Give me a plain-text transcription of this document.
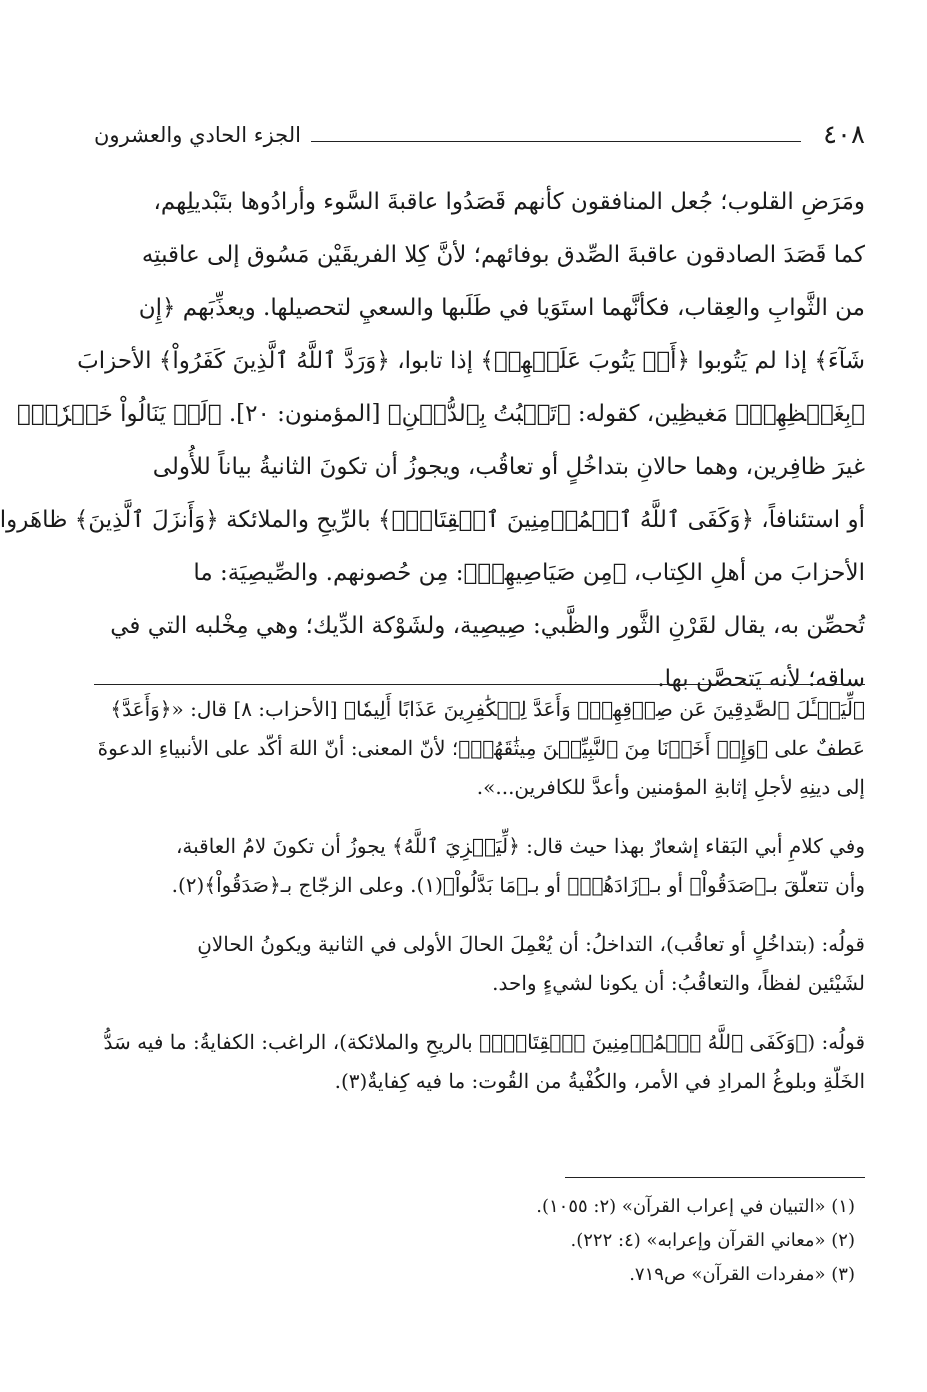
٤٠٨
الجزء الحادي والعشرون

ومَرَضِ القلوب؛ جُعل المنافقون كأنهم قَصَدُوا عاقبةَ السَّوء وأرادُوها بتَبْديلِهم،

كما قَصَدَ الصادقون عاقبةَ الصِّدق بوفائهم؛ لأنَّ كِلا الفريقَيْن مَسُوق إلى عاقبتِه

من الثَّوابِ والعِقاب، فكأنَّهما استَوَيا في طَلَبها والسعيِ لتحصيلها. ويعذِّبَهم ﴿إِن

شَآءَ﴾ إذا لم يَتُوبوا ﴿أَوۡ يَتُوبَ عَلَيۡهِمۡ﴾ إذا تابوا، ﴿وَرَدَّ ٱللَّهُ ٱلَّذِينَ كَفَرُواْ﴾ الأحزابَ

﴿بِغَيۡظِهِمۡ﴾ مَغيظِين، كقوله: ﴿تَنۢبُتُ بِٱلدُّهۡنِ﴾ [المؤمنون: ٢٠]. ﴿لَمۡ يَنَالُواْ خَيۡرٗاۚ﴾

غيرَ ظافِرين، وهما حالانِ بتداخُلٍ أو تعاقُب، ويجوزُ أن تكونَ الثانيةُ بياناً للأُولى

أو استئنافاً، ﴿وَكَفَى ٱللَّهُ ٱلۡمُؤۡمِنِينَ ٱلۡقِتَالَۚ﴾ بالرِّيحِ والملائكة ﴿وَأَنزَلَ ٱلَّذِينَ﴾ ظاهَروا

الأحزابَ من أهلِ الكِتاب، ﴿مِن صَيَاصِيهِمۡ﴾: مِن حُصونهم. والصِّيصِيَة: ما

تُحصِّن به، يقال لقَرْنِ الثَّور والظَّبي: صِيصِية، ولشَوْكة الدِّيك؛ وهي مِخْلبه التي في

ساقه؛ لأنه يَتحصَّن بها.

﴿لِّيَسۡـَٔلَ ٱلصَّٰدِقِينَ عَن صِدۡقِهِمۡۚ وَأَعَدَّ لِلۡكَٰفِرِينَ عَذَابًا أَلِيمٗا﴾ [الأحزاب: ٨] قال: «﴿وَأَعَدَّ﴾

عَطفٌ على ﴿وَإِذۡ أَخَذۡنَا مِنَ ٱلنَّبِيِّـۧنَ مِيثَٰقَهُمۡ﴾؛ لأنّ المعنى: أنّ اللهَ أكّد على الأنبياءِ الدعوةَ

إلى دينِهِ لأجلِ إثابةِ المؤمنين وأعدَّ للكافرين...».

وفي كلامِ أبي البَقاء إشعارٌ بهذا حيث قال: ﴿لِّيَجۡزِيَ ٱللَّهُ﴾ يجوزُ أن تكونَ لامُ العاقبة،

وأن تتعلّقَ بـ﴿صَدَقُواْ﴾ أو بـ﴿زَادَهُمۡ﴾ أو بـ﴿مَا بَدَّلُواْ﴾(١). وعلى الزجّاج بـ﴿صَدَقُواْ﴾(٢).

قولُه: (بتداخُلٍ أو تعاقُب)، التداخلُ: أن يُعْمِلَ الحالَ الأولى في الثانية ويكونُ الحالانِ

لشَيْئين لفظاً، والتعاقُبُ: أن يكونا لشيءٍ واحد.

قولُه: (﴿وَكَفَى ٱللَّهُ ٱلۡمُؤۡمِنِينَ ٱلۡقِتَالَۚ﴾ بالريحِ والملائكة)، الراغب: الكفايةُ: ما فيه سَدُّ

الخَلّةِ وبلوغُ المرادِ في الأمر، والكُفْيةُ من القُوت: ما فيه كِفايةٌ(٣).

(١) «التبيان في إعراب القرآن» (٢: ١٠٥٥).

(٢) «معاني القرآن وإعرابه» (٤: ٢٢٢).

(٣) «مفردات القرآن» ص٧١٩.
